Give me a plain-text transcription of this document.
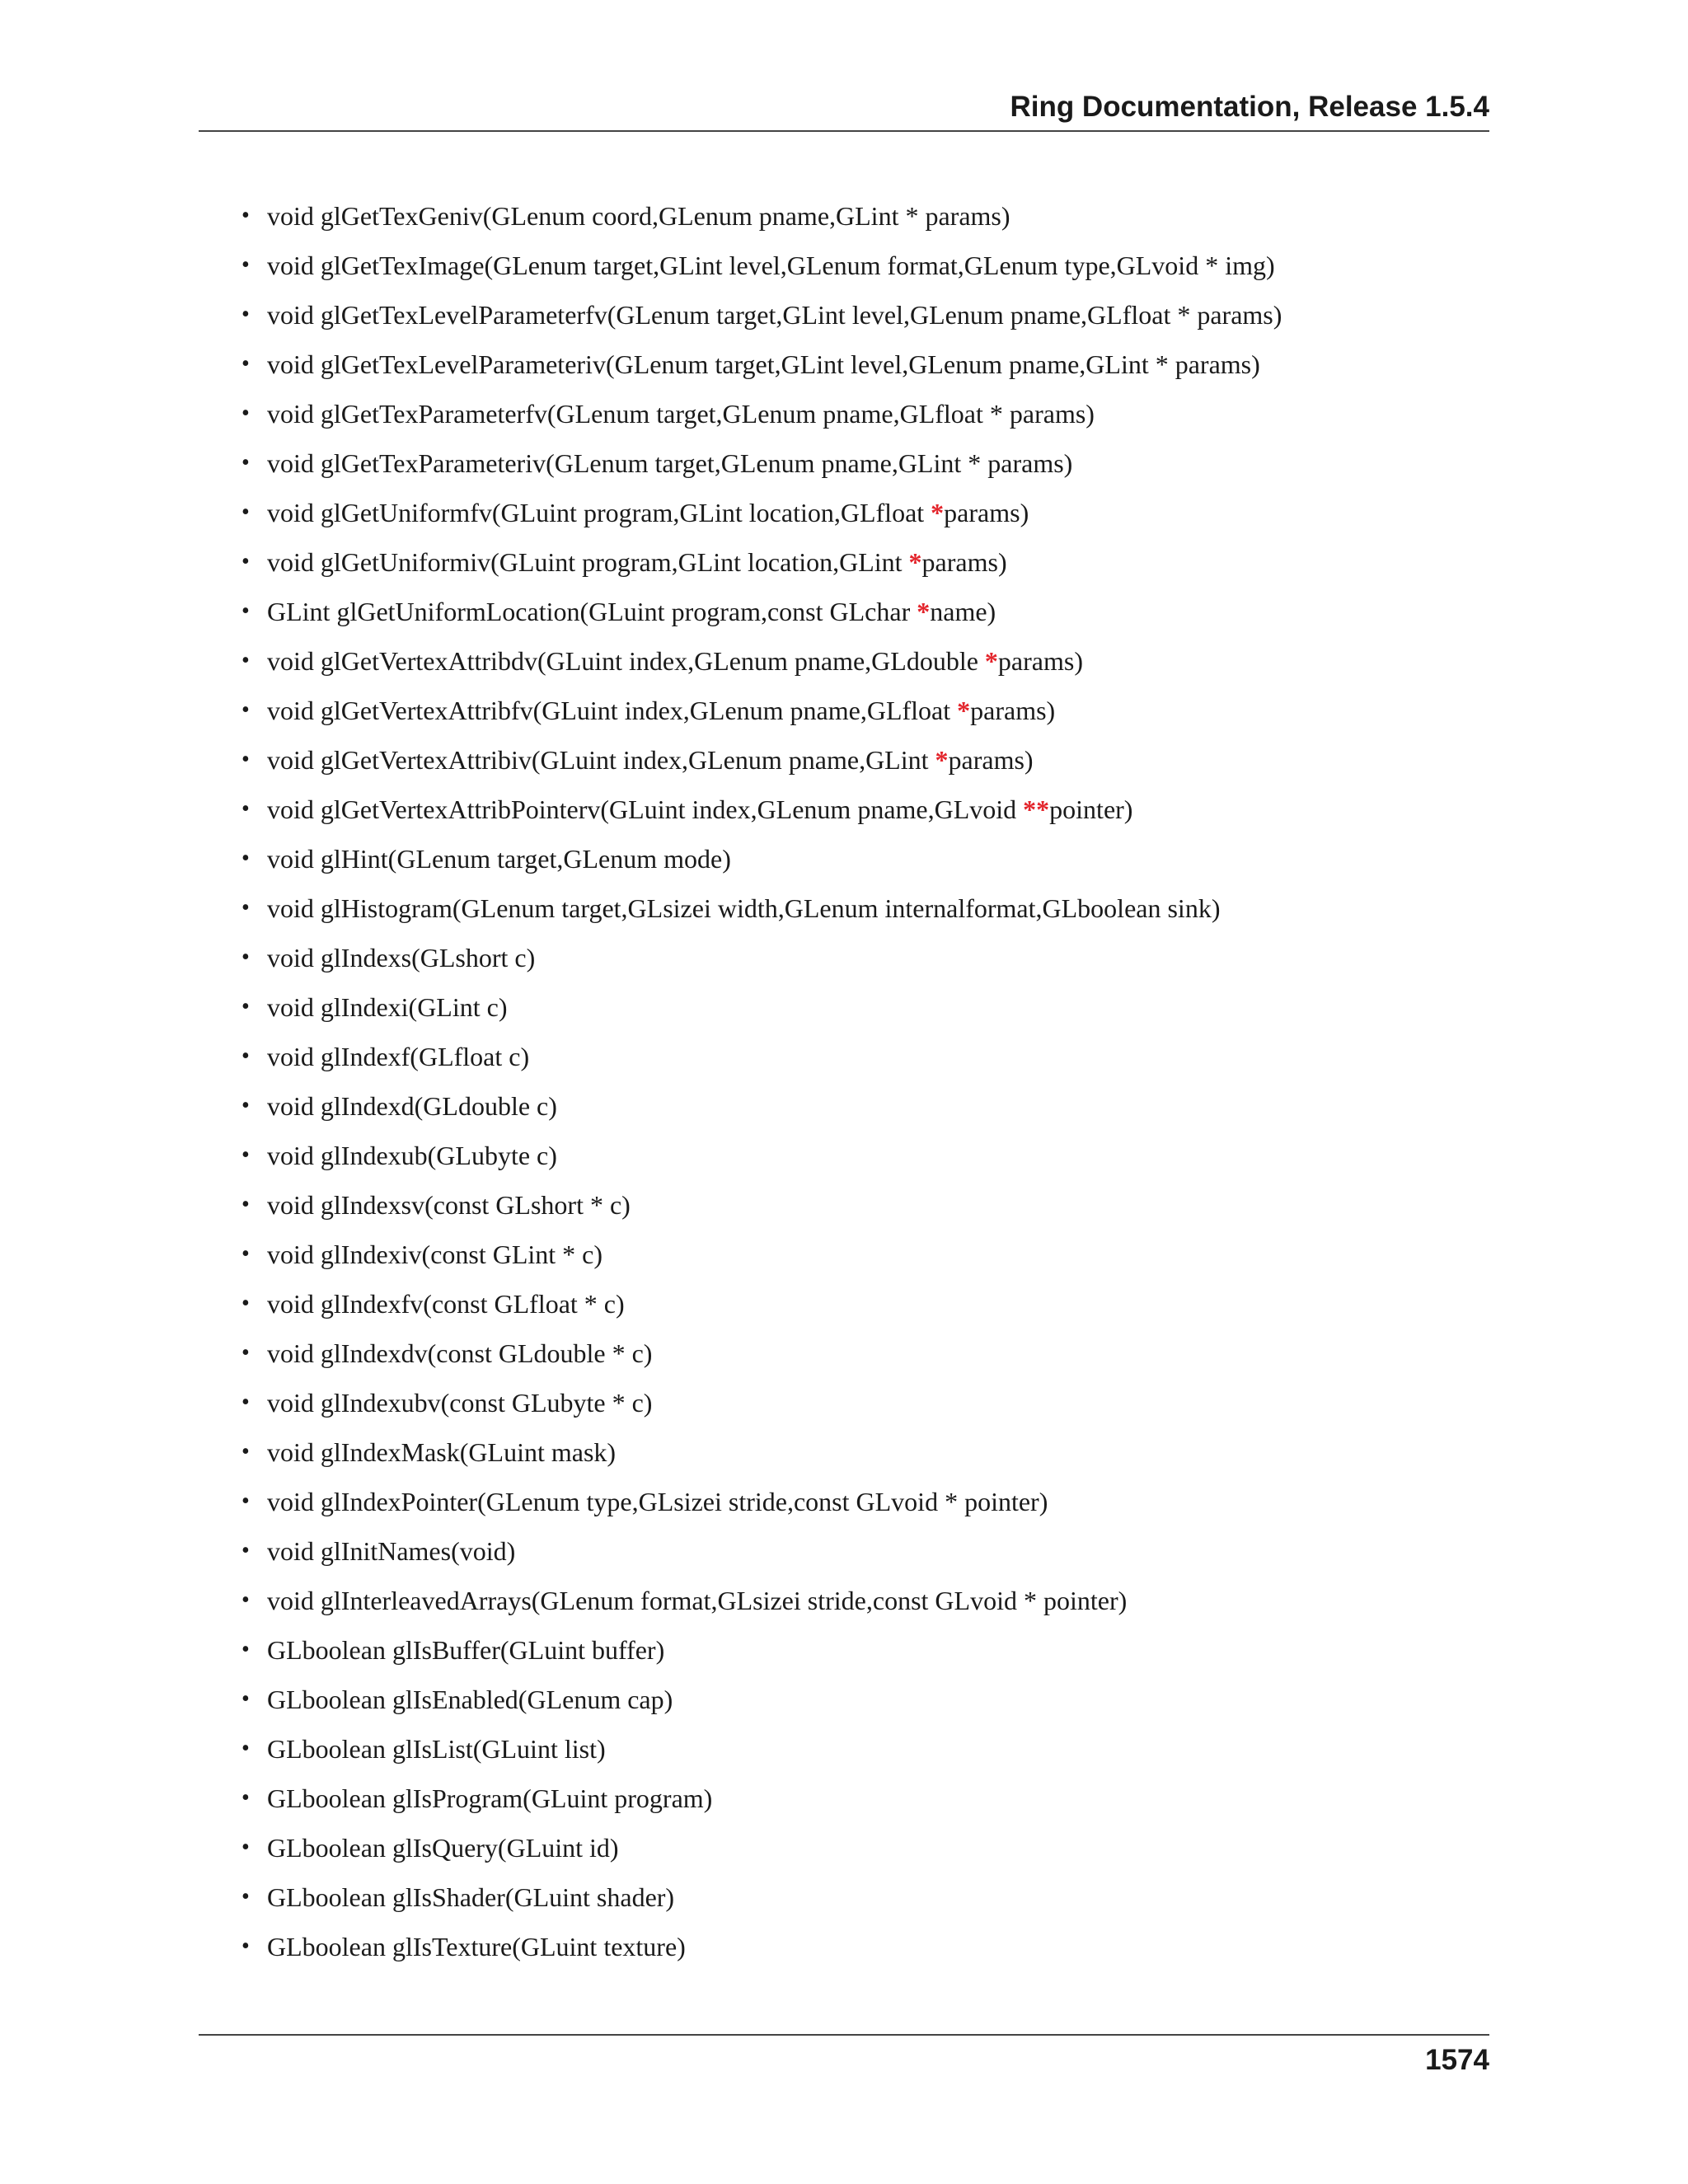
Ring Documentation, Release 1.5.4
• void glGetTexGeniv(GLenum coord,GLenum pname,GLint * params)
• void glGetTexImage(GLenum target,GLint level,GLenum format,GLenum type,GLvoid * img)
• void glGetTexLevelParameterfv(GLenum target,GLint level,GLenum pname,GLfloat * params)
• void glGetTexLevelParameteriv(GLenum target,GLint level,GLenum pname,GLint * params)
• void glGetTexParameterfv(GLenum target,GLenum pname,GLfloat * params)
• void glGetTexParameteriv(GLenum target,GLenum pname,GLint * params)
• void glGetUniformfv(GLuint program,GLint location,GLfloat *params)
• void glGetUniformiv(GLuint program,GLint location,GLint *params)
• GLint glGetUniformLocation(GLuint program,const GLchar *name)
• void glGetVertexAttribdv(GLuint index,GLenum pname,GLdouble *params)
• void glGetVertexAttribfv(GLuint index,GLenum pname,GLfloat *params)
• void glGetVertexAttribiv(GLuint index,GLenum pname,GLint *params)
• void glGetVertexAttribPointerv(GLuint index,GLenum pname,GLvoid **pointer)
• void glHint(GLenum target,GLenum mode)
• void glHistogram(GLenum target,GLsizei width,GLenum internalformat,GLboolean sink)
• void glIndexs(GLshort c)
• void glIndexi(GLint c)
• void glIndexf(GLfloat c)
• void glIndexd(GLdouble c)
• void glIndexub(GLubyte c)
• void glIndexsv(const GLshort * c)
• void glIndexiv(const GLint * c)
• void glIndexfv(const GLfloat * c)
• void glIndexdv(const GLdouble * c)
• void glIndexubv(const GLubyte * c)
• void glIndexMask(GLuint mask)
• void glIndexPointer(GLenum type,GLsizei stride,const GLvoid * pointer)
• void glInitNames(void)
• void glInterleavedArrays(GLenum format,GLsizei stride,const GLvoid * pointer)
• GLboolean glIsBuffer(GLuint buffer)
• GLboolean glIsEnabled(GLenum cap)
• GLboolean glIsList(GLuint list)
• GLboolean glIsProgram(GLuint program)
• GLboolean glIsQuery(GLuint id)
• GLboolean glIsShader(GLuint shader)
• GLboolean glIsTexture(GLuint texture)
1574
